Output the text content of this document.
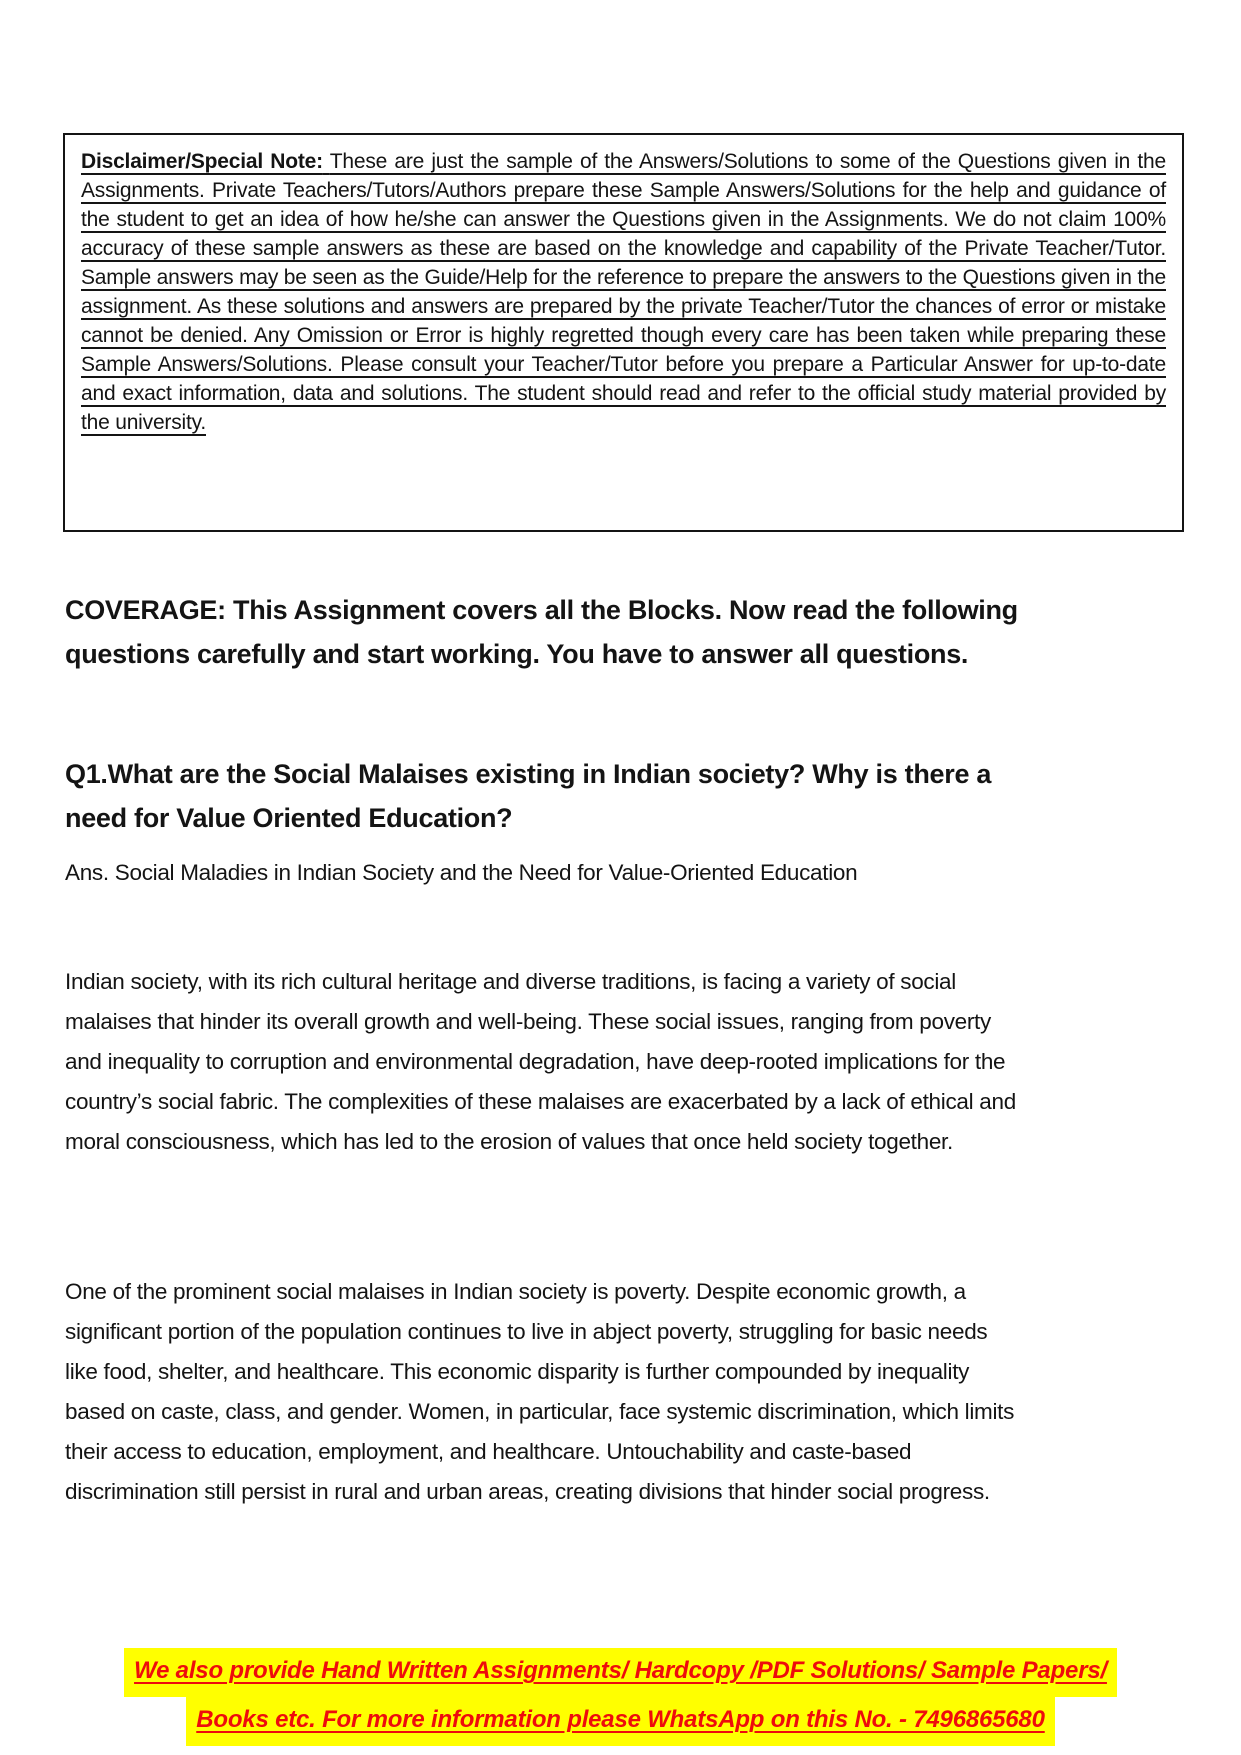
Disclaimer/Special Note: These are just the sample of the Answers/Solutions to some of the Questions given in the Assignments. Private Teachers/Tutors/Authors prepare these Sample Answers/Solutions for the help and guidance of the student to get an idea of how he/she can answer the Questions given in the Assignments. We do not claim 100% accuracy of these sample answers as these are based on the knowledge and capability of the Private Teacher/Tutor. Sample answers may be seen as the Guide/Help for the reference to prepare the answers to the Questions given in the assignment. As these solutions and answers are prepared by the private Teacher/Tutor the chances of error or mistake cannot be denied. Any Omission or Error is highly regretted though every care has been taken while preparing these Sample Answers/Solutions. Please consult your Teacher/Tutor before you prepare a Particular Answer for up-to-date and exact information, data and solutions. The student should read and refer to the official study material provided by the university.

COVERAGE: This Assignment covers all the Blocks. Now read the following questions carefully and start working. You have to answer all questions.
Q1.What are the Social Malaises existing in Indian society? Why is there a need for Value Oriented Education?

Ans. Social Maladies in Indian Society and the Need for Value-Oriented Education

Indian society, with its rich cultural heritage and diverse traditions, is facing a variety of social malaises that hinder its overall growth and well-being. These social issues, ranging from poverty and inequality to corruption and environmental degradation, have deep-rooted implications for the country’s social fabric. The complexities of these malaises are exacerbated by a lack of ethical and moral consciousness, which has led to the erosion of values that once held society together.

One of the prominent social malaises in Indian society is poverty. Despite economic growth, a significant portion of the population continues to live in abject poverty, struggling for basic needs like food, shelter, and healthcare. This economic disparity is further compounded by inequality based on caste, class, and gender. Women, in particular, face systemic discrimination, which limits their access to education, employment, and healthcare. Untouchability and caste-based discrimination still persist in rural and urban areas, creating divisions that hinder social progress.

We also provide Hand Written Assignments/ Hardcopy /PDF Solutions/ Sample Papers/
Books etc. For more information please WhatsApp on this No. - 7496865680
